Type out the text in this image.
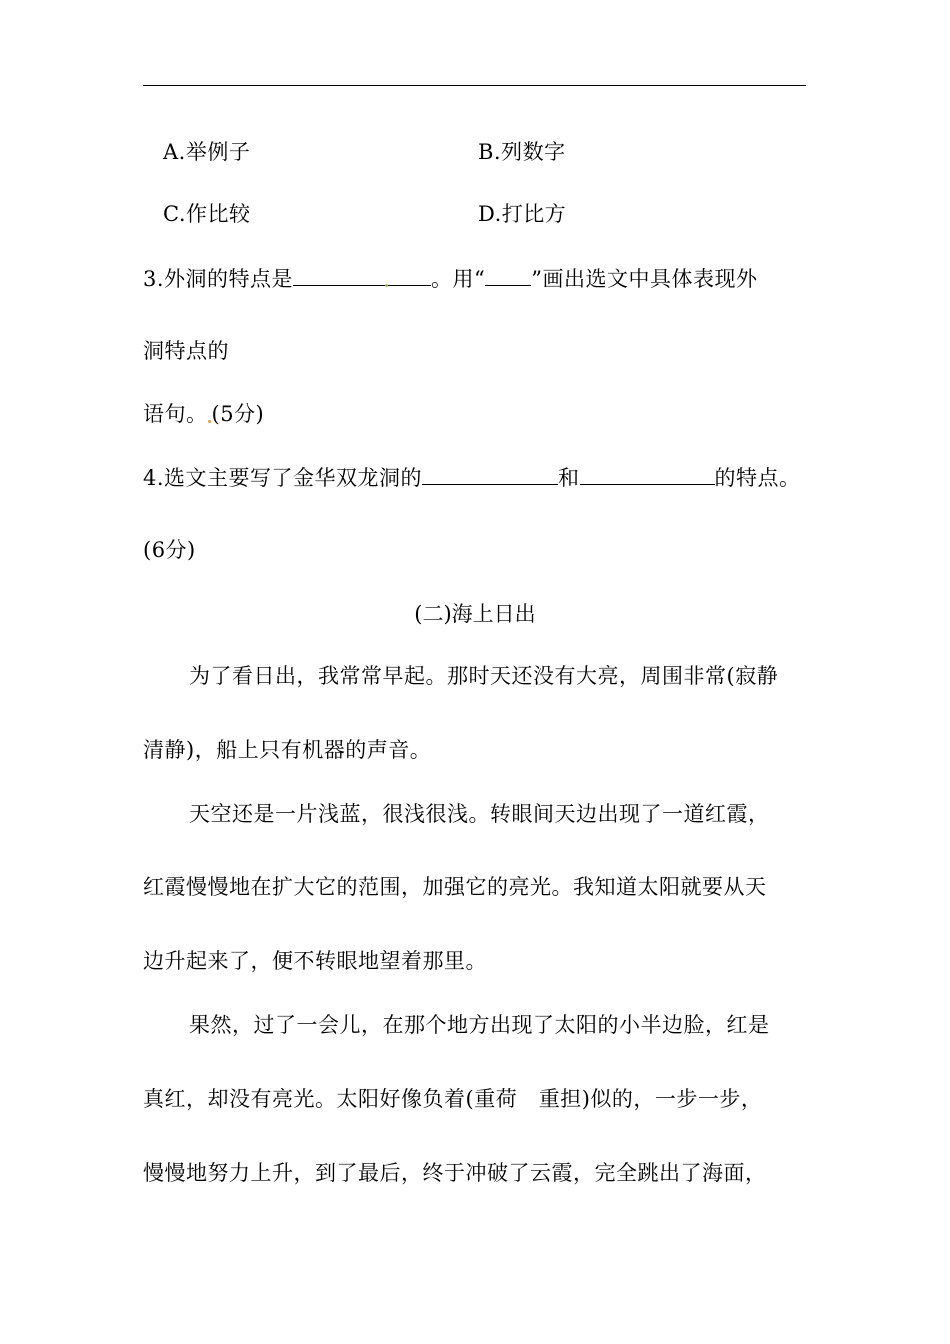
A.举例子	B.列数字
C.作比较	D.打比方
3.外洞的特点是	。用“ ”画出选文中具体表现外
洞特点的
语句。 (5分)
4.选文主要写了金华双龙洞的	和	的特点。
(6分)
(二)海上日出
为了看日出，我常常早起。那时天还没有大亮，周围非常(寂静
清静)，船上只有机器的声音。
天空还是一片浅蓝，很浅很浅。转眼间天边出现了一道红霞，
红霞慢慢地在扩大它的范围，加强它的亮光。我知道太阳就要从天
边升起来了，便不转眼地望着那里。
果然，过了一会儿，在那个地方出现了太阳的小半边脸，红是
真红，却没有亮光。太阳好像负着(重荷　重担)似的，一步一步，
慢慢地努力上升，到了最后，终于冲破了云霞，完全跳出了海面，
